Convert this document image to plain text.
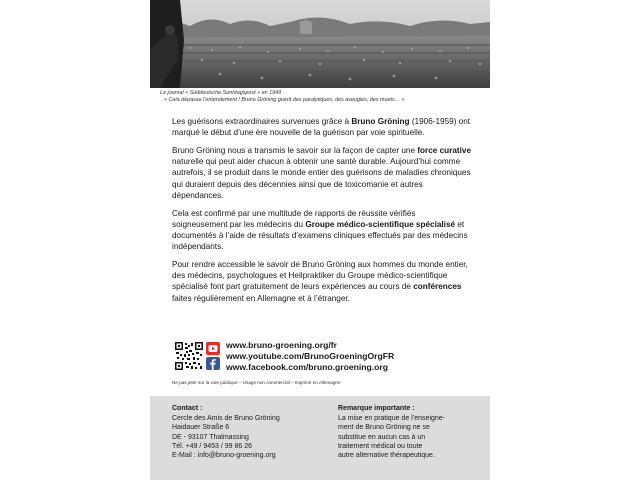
Le journal « Süddeutsche Sonntagspost » en 1949 :
« Cela dépasse l’entendement ! Bruno Gröning guérit des paralytiques, des aveugles, des muets… »

Les guérisons extraordinaires survenues grâce à Bruno Gröning (1906-1959) ont marqué le début d’une ère nouvelle de la guérison par voie spirituelle.

Bruno Gröning nous a transmis le savoir sur la façon de capter une force curative naturelle qui peut aider chacun à obtenir une santé durable. Aujourd’hui comme autrefois, il se produit dans le monde entier des guérisons de maladies chroniques qui duraient depuis des décennies ainsi que de toxicomanie et autres dépendances.

Cela est confirmé par une multitude de rapports de réussite vérifiés soigneusement par les médecins du Groupe médico-scientifique spécialisé et documentés à l’aide de résultats d’examens cliniques effectués par des médecins indépendants.

Pour rendre accessible le savoir de Bruno Gröning aux hommes du monde entier, des médecins, psychologues et Heilpraktiker du Groupe médico-scientifique spécialisé font part gratuitement de leurs expériences au cours de conférences faites régulièrement en Allemagne et à l’étranger.

www.bruno-groening.org/fr
www.youtube.com/BrunoGroeningOrgFR
www.facebook.com/bruno.groening.org
Ne pas jeter sur la voie publique – Usage non commercial – Imprimé en Allemagne
Contact :
Cercle des Amis de Bruno Gröning
Haidauer Straße 6
DE - 93107 Thalmassing
Tél. +49 / 9453 / 99 86 26
E-Mail : info@bruno-groening.org
Remarque importante :
La mise en pratique de l’enseigne-
ment de Bruno Gröning ne se
substitue en aucun cas à un
traitement médical ou toute
autre alternative thérapeutique.
